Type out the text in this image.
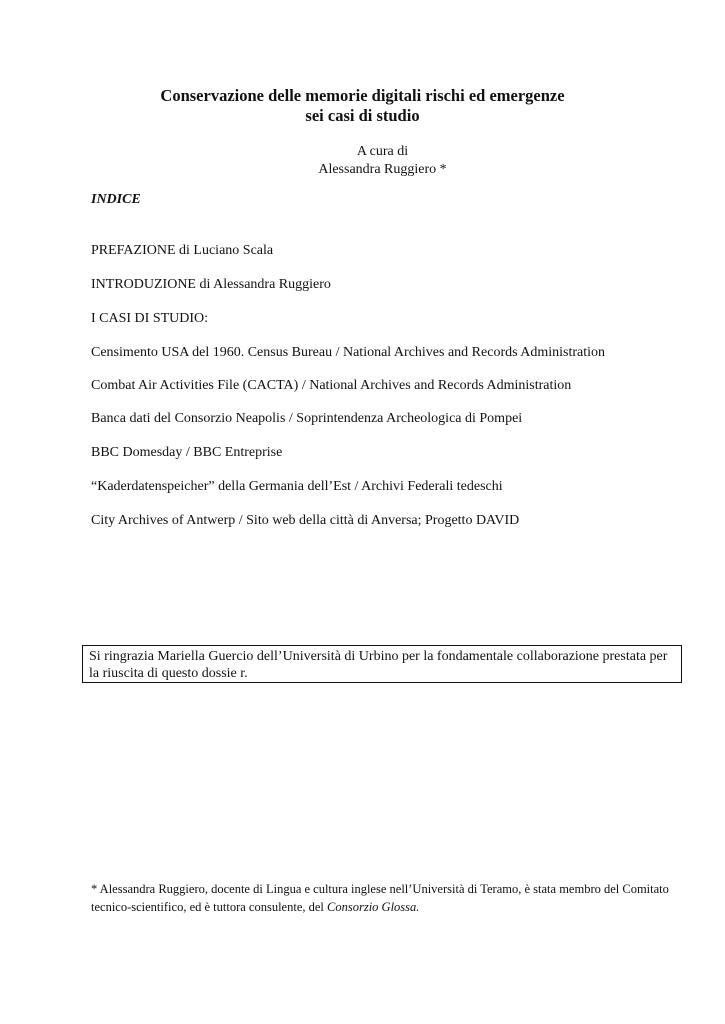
Conservazione delle memorie digitali rischi ed emergenze
sei casi di studio
A cura di
Alessandra Ruggiero *
INDICE
PREFAZIONE di Luciano Scala
INTRODUZIONE di Alessandra Ruggiero
I CASI DI STUDIO:
Censimento USA del 1960. Census Bureau / National Archives and Records Administration
Combat Air Activities File (CACTA) / National Archives and Records Administration
Banca dati del Consorzio Neapolis / Soprintendenza Archeologica di Pompei
BBC Domesday / BBC Entreprise
“Kaderdatenspeicher” della Germania dell’Est / Archivi Federali tedeschi
City Archives of Antwerp / Sito web della città di Anversa; Progetto DAVID
Si ringrazia Mariella Guercio dell’Università di Urbino per la fondamentale collaborazione prestata per la riuscita di questo dossie r.
* Alessandra Ruggiero, docente di Lingua e cultura inglese nell’Università di Teramo, è stata membro del Comitato tecnico-scientifico, ed è tuttora consulente, del Consorzio Glossa.
